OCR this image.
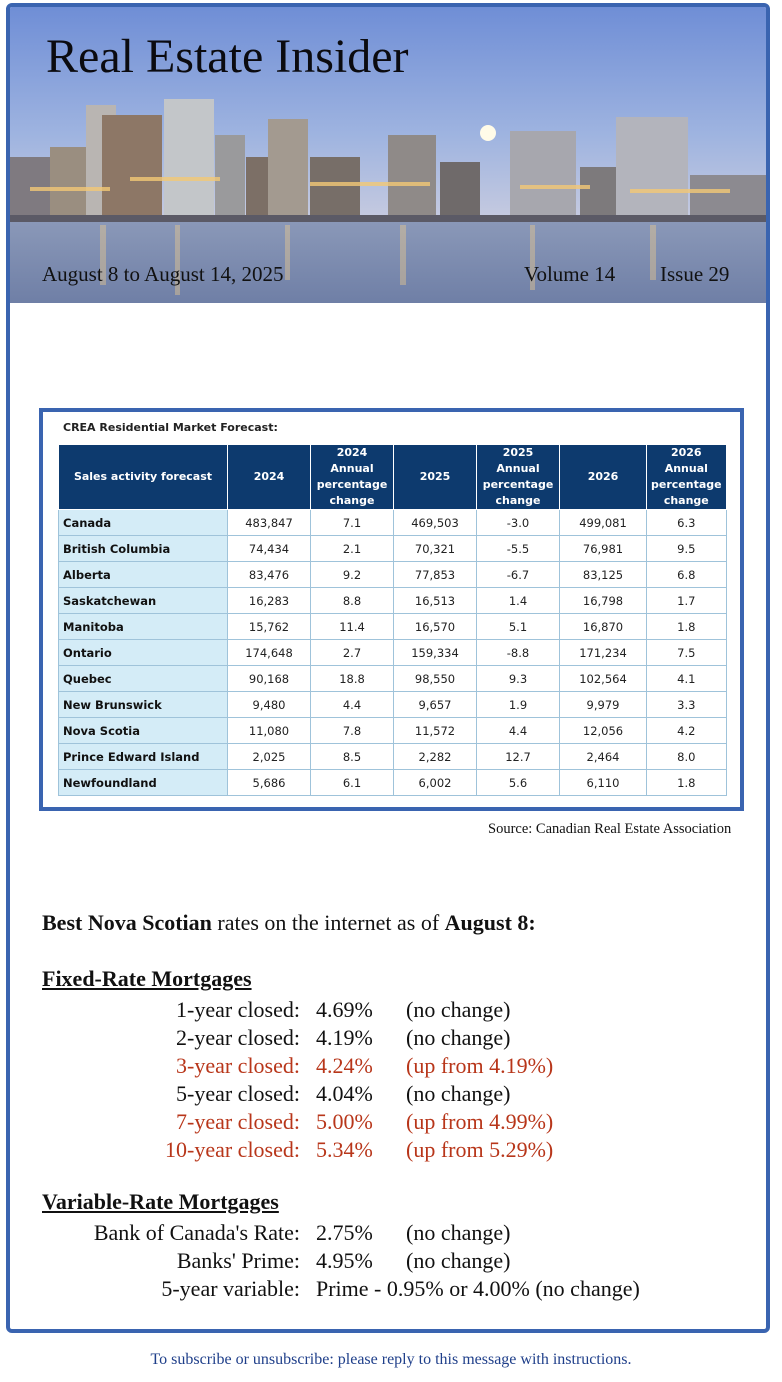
Real Estate Insider
August 8 to August 14, 2025	Volume 14 Issue 29
CREA Residential Market Forecast:
Sales activity forecast	2024	2024 Annual percentage change	2025	2025 Annual percentage change	2026	2026 Annual percentage change
Canada	483,847	7.1	469,503	-3.0	499,081	6.3
British Columbia	74,434	2.1	70,321	-5.5	76,981	9.5
Alberta	83,476	9.2	77,853	-6.7	83,125	6.8
Saskatchewan	16,283	8.8	16,513	1.4	16,798	1.7
Manitoba	15,762	11.4	16,570	5.1	16,870	1.8
Ontario	174,648	2.7	159,334	-8.8	171,234	7.5
Quebec	90,168	18.8	98,550	9.3	102,564	4.1
New Brunswick	9,480	4.4	9,657	1.9	9,979	3.3
Nova Scotia	11,080	7.8	11,572	4.4	12,056	4.2
Prince Edward Island	2,025	8.5	2,282	12.7	2,464	8.0
Newfoundland	5,686	6.1	6,002	5.6	6,110	1.8
Source: Canadian Real Estate Association
Best Nova Scotian rates on the internet as of August 8:
Fixed-Rate Mortgages
Variable-Rate Mortgages
1-year closed: 4.69% (no change)
2-year closed: 4.19% (no change)
3-year closed: 4.24% (up from 4.19%)
5-year closed: 4.04% (no change)
7-year closed: 5.00% (up from 4.99%)
10-year closed: 5.34% (up from 5.29%)
Bank of Canada's Rate: 2.75% (no change)
Banks' Prime: 4.95% (no change)
5-year variable: Prime - 0.95% or 4.00% (no change)
To subscribe or unsubscribe: please reply to this message with instructions.
